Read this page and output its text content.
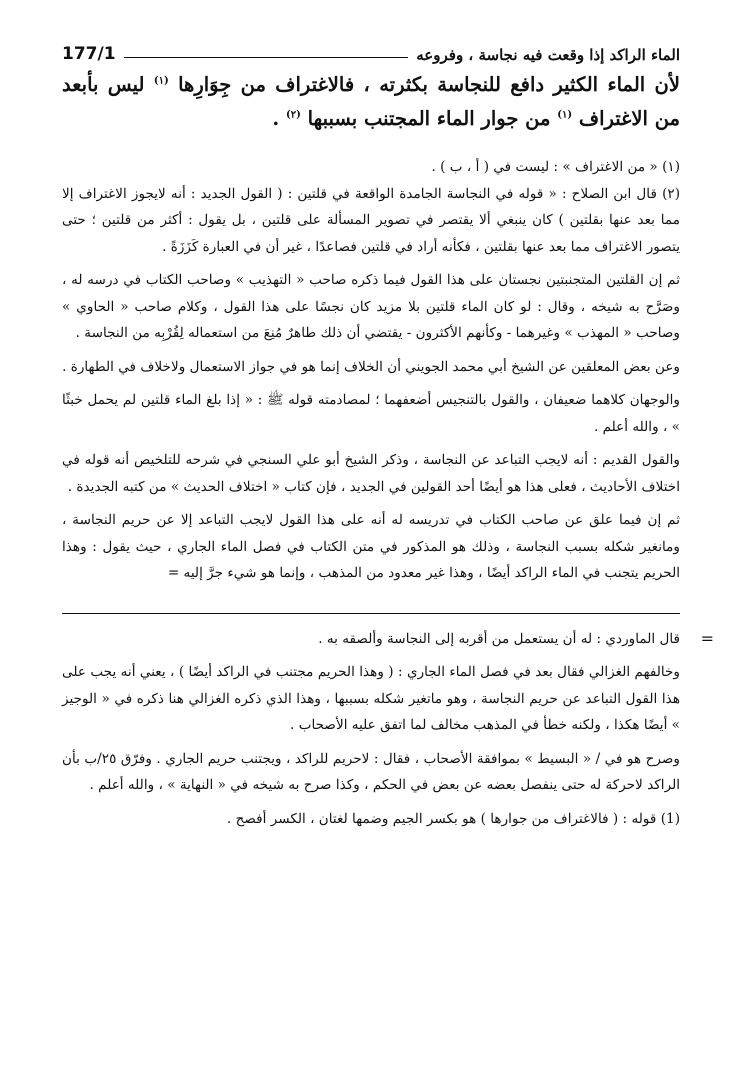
الماء الراكد إذا وقعت فيه نجاسة ، وفروعه
177/1
لأن الماء الكثير دافع للنجاسة بكثرته ، فالاغتراف من جِوَارِها $^{(١)}$ ليس بأبعد من الاغتراف $^{(١)}$ من جوار الماء المجتنب بسببها $^{(٢)}$ .

(١) « من الاغتراف » : ليست في ( أ ، ب ) .

(٢) قال ابن الصلاح : « قوله في النجاسة الجامدة الواقعة في قلتين : ( القول الجديد : أنه لايجوز الاغتراف إلا مما بعد عنها بقلتين ) كان ينبغي ألا يقتصر في تصوير المسألة على قلتين ، بل يقول : أكثر من قلتين ؛ حتى يتصور الاغتراف مما بعد عنها بقلتين ، فكأنه أراد في قلتين فصاعدًا ، غير أن في العبارة كَزَزَةً .

ثم إن القلتين المتجنبتين نجستان على هذا القول فيما ذكره صاحب « التهذيب » وصاحب الكتاب في درسه له ، وصَرَّح به شيخه ، وقال : لو كان الماء قلتين بلا مزيد كان نجسًا على هذا القول ، وكلام صاحب « الحاوي » وصاحب « المهذب » وغيرهما - وكأنهم الأكثرون - يقتضي أن ذلك طاهرٌ مُنِعَ من استعماله لِقُرْبِه من النجاسة .

وعن بعض المعلقين عن الشيخ أبي محمد الجويني أن الخلاف إنما هو في جواز الاستعمال ولاخلاف في الطهارة .

والوجهان كلاهما ضعيفان ، والقول بالتنجيس أضعفهما ؛ لمصادمته قوله ﷺ : « إذا بلغ الماء قلتين لم يحمل خبثًا » ، والله أعلم .

والقول القديم : أنه لايجب التباعد عن النجاسة ، وذكر الشيخ أبو علي السنجي في شرحه للتلخيص أنه قوله في اختلاف الأحاديث ، فعلى هذا هو أيضًا أحد القولين في الجديد ، فإن كتاب « اختلاف الحديث » من كتبه الجديدة .

ثم إن فيما علق عن صاحب الكتاب في تدريسه له أنه على هذا القول لايجب التباعد إلا عن حريم النجاسة ، ومانغير شكله بسبب النجاسة ، وذلك هو المذكور في متن الكتاب في فصل الماء الجاري ، حيث يقول : وهذا الحريم يتجنب في الماء الراكد أيضًا ، وهذا غير معدود من المذهب ، وإنما هو شيء جرَّ إليه =

=

قال الماوردي : له أن يستعمل من أقربه إلى النجاسة وألصقه به .

وخالفهم الغزالي فقال بعد في فصل الماء الجاري : ( وهذا الحريم مجتنب في الراكد أيضًا ) ، يعني أنه يجب على هذا القول التباعد عن حريم النجاسة ، وهو ماتغير شكله بسببها ، وهذا الذي ذكره الغزالي هنا ذكره في « الوجيز » أيضًا هكذا ، ولكنه خطأ في المذهب مخالف لما اتفق عليه الأصحاب .

وصرح هو في / « البسيط » بموافقة الأصحاب ، فقال : لاحريم للراكد ، ويجتنب حريم الجاري . وفرّق ٢٥/ب بأن الراكد لاحركة له حتى ينفصل بعضه عن بعض في الحكم ، وكذا صرح به شيخه في « النهاية » ، والله أعلم .

(1) قوله : ( فالاغتراف من جوارها ) هو بكسر الجيم وضمها لغتان ، الكسر أفصح .
